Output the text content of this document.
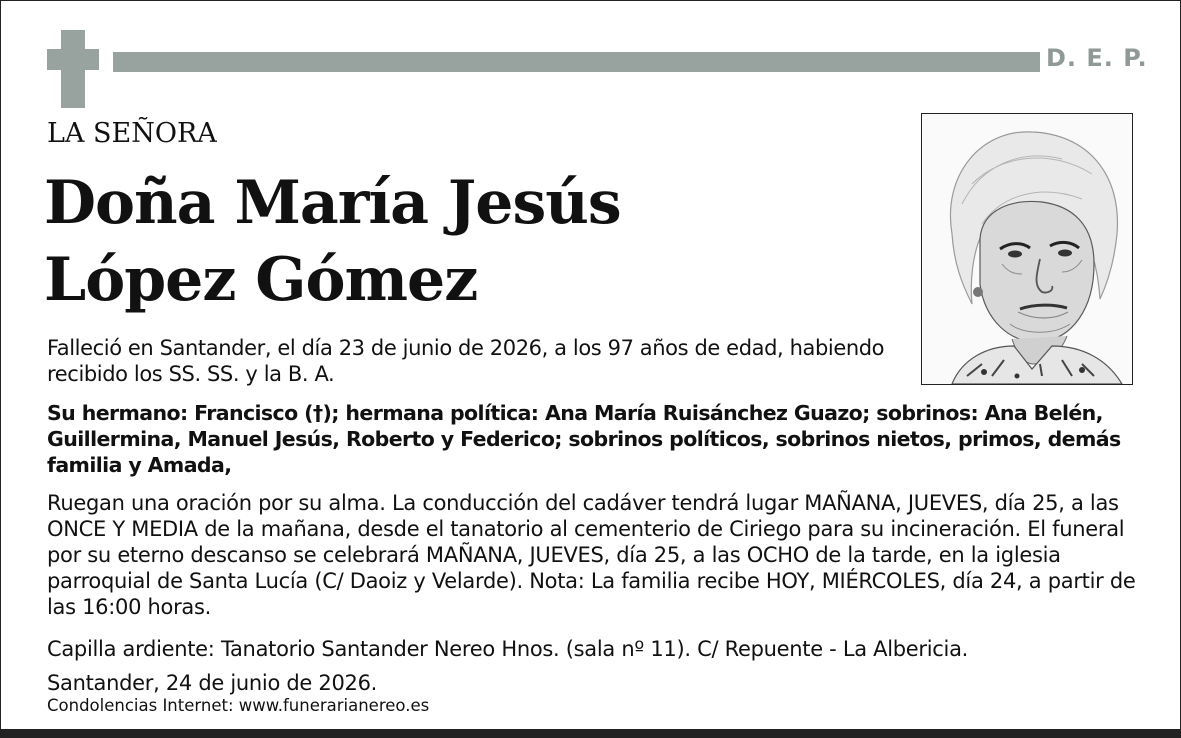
D. E. P.
LA SEÑORA
Doña María Jesús
López Gómez
Falleció en Santander, el día 23 de junio de 2026, a los 97 años de edad, habiendo recibido los SS. SS. y la B. A.
Su hermano: Francisco (†); hermana política: Ana María Ruisánchez Guazo; sobrinos: Ana Belén, Guillermina, Manuel Jesús, Roberto y Federico; sobrinos políticos, sobrinos nietos, primos, demás familia y Amada,
Ruegan una oración por su alma. La conducción del cadáver tendrá lugar MAÑANA, JUEVES, día 25, a las ONCE Y MEDIA de la mañana, desde el tanatorio al cementerio de Ciriego para su incineración. El funeral por su eterno descanso se celebrará MAÑANA, JUEVES, día 25, a las OCHO de la tarde, en la iglesia parroquial de Santa Lucía (C/ Daoiz y Velarde). Nota: La familia recibe HOY, MIÉRCOLES, día 24, a partir de las 16:00 horas.
Capilla ardiente: Tanatorio Santander Nereo Hnos. (sala nº 11). C/ Repuente - La Albericia.
Santander, 24 de junio de 2026.
Condolencias Internet: www.funerarianereo.es
